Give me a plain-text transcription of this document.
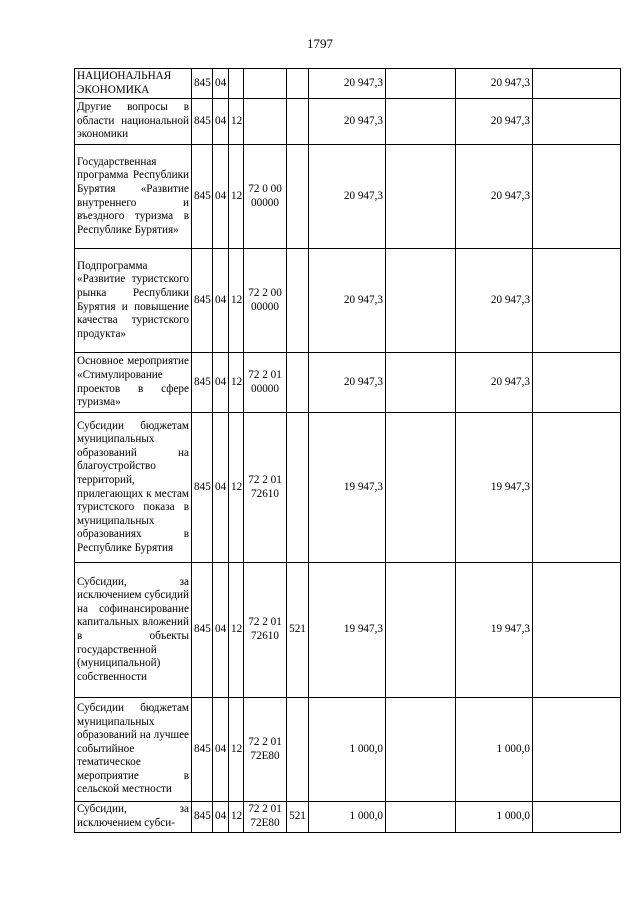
1797
НАЦИОНАЛЬНАЯ ЭКОНОМИКА	845	04				20 947,3		20 947,3	
Другие вопросы в области национальной экономики	845	04	12			20 947,3		20 947,3	
Государственная программа Республики Бурятия «Развитие внутреннего и въездного туризма в Республике Бурятия»	845	04	12	72 0 00 00000		20 947,3		20 947,3	
Подпрограмма «Развитие туристского рынка Республики Бурятия и повышение качества туристского продукта»	845	04	12	72 2 00 00000		20 947,3		20 947,3	
Основное мероприятие «Стимулирование проектов в сфере туризма»	845	04	12	72 2 01 00000		20 947,3		20 947,3	
Субсидии бюджетам муниципальных образований на благоустройство территорий, прилегающих к местам туристского показа в муниципальных образованиях в Республике Бурятия	845	04	12	72 2 01 72610		19 947,3		19 947,3	
Субсидии, за исключением субсидий на софинансирование капитальных вложений в объекты государственной (муниципальной) собственности	845	04	12	72 2 01 72610	521	19 947,3		19 947,3	
Субсидии бюджетам муниципальных образований на лучшее событийное тематическое мероприятие в сельской местности	845	04	12	72 2 01 72Е80		1 000,0		1 000,0	
Субсидии, за исключением субси-	845	04	12	72 2 01 72Е80	521	1 000,0		1 000,0	
